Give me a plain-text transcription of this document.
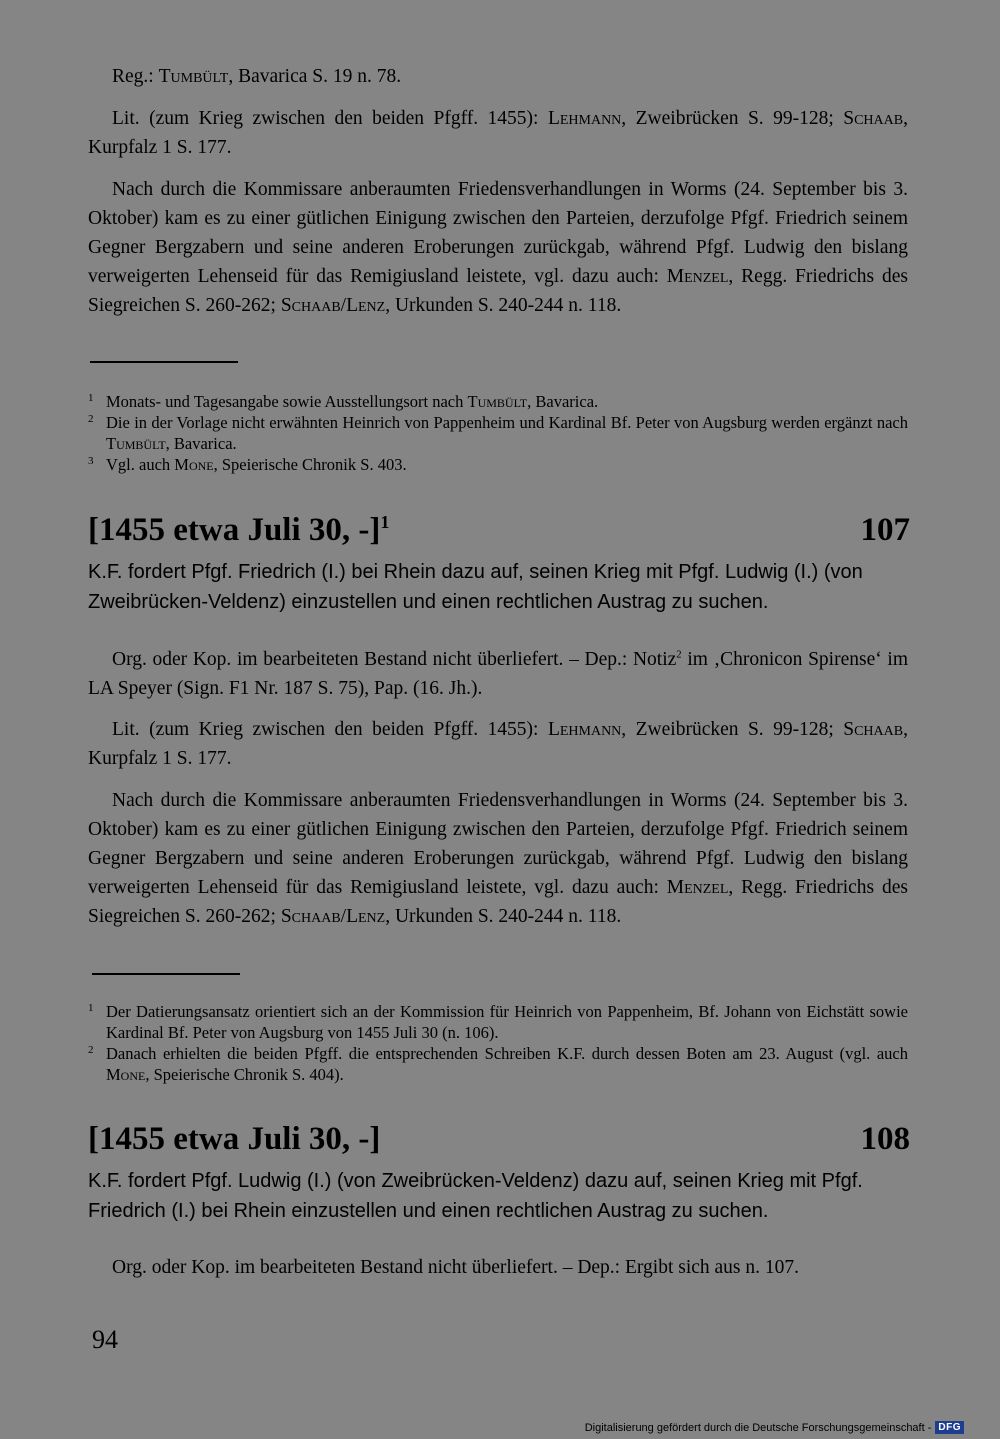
Reg.: Tumbült, Bavarica S. 19 n. 78.

Lit. (zum Krieg zwischen den beiden Pfgff. 1455): Lehmann, Zweibrücken S. 99-128; Schaab, Kurpfalz 1 S. 177.

Nach durch die Kommissare anberaumten Friedensverhandlungen in Worms (24. September bis 3. Oktober) kam es zu einer gütlichen Einigung zwischen den Parteien, derzufolge Pfgf. Friedrich seinem Gegner Bergzabern und seine anderen Eroberungen zurückgab, während Pfgf. Ludwig den bislang verweigerten Lehenseid für das Remigiusland leistete, vgl. dazu auch: Menzel, Regg. Friedrichs des Siegreichen S. 260-262; Schaab/Lenz, Urkunden S. 240-244 n. 118.

1 Monats- und Tagesangabe sowie Ausstellungsort nach Tumbült, Bavarica.
2 Die in der Vorlage nicht erwähnten Heinrich von Pappenheim und Kardinal Bf. Peter von Augsburg werden ergänzt nach Tumbült, Bavarica.
3 Vgl. auch Mone, Speierische Chronik S. 403.
[1455 etwa Juli 30, -]$^1$	107
K.F. fordert Pfgf. Friedrich (I.) bei Rhein dazu auf, seinen Krieg mit Pfgf. Ludwig (I.) (von Zweibrücken-Veldenz) einzustellen und einen rechtlichen Austrag zu suchen.

Org. oder Kop. im bearbeiteten Bestand nicht überliefert. – Dep.: Notiz$^2$ im ‚Chronicon Spirense‘ im LA Speyer (Sign. F1 Nr. 187 S. 75), Pap. (16. Jh.).

Lit. (zum Krieg zwischen den beiden Pfgff. 1455): Lehmann, Zweibrücken S. 99-128; Schaab, Kurpfalz 1 S. 177.

Nach durch die Kommissare anberaumten Friedensverhandlungen in Worms (24. September bis 3. Oktober) kam es zu einer gütlichen Einigung zwischen den Parteien, derzufolge Pfgf. Friedrich seinem Gegner Bergzabern und seine anderen Eroberungen zurückgab, während Pfgf. Ludwig den bislang verweigerten Lehenseid für das Remigiusland leistete, vgl. dazu auch: Menzel, Regg. Friedrichs des Siegreichen S. 260-262; Schaab/Lenz, Urkunden S. 240-244 n. 118.

1 Der Datierungsansatz orientiert sich an der Kommission für Heinrich von Pappenheim, Bf. Johann von Eichstätt sowie Kardinal Bf. Peter von Augsburg von 1455 Juli 30 (n. 106).
2 Danach erhielten die beiden Pfgff. die entsprechenden Schreiben K.F. durch dessen Boten am 23. August (vgl. auch Mone, Speierische Chronik S. 404).
[1455 etwa Juli 30, -]	108
K.F. fordert Pfgf. Ludwig (I.) (von Zweibrücken-Veldenz) dazu auf, seinen Krieg mit Pfgf. Friedrich (I.) bei Rhein einzustellen und einen rechtlichen Austrag zu suchen.

Org. oder Kop. im bearbeiteten Bestand nicht überliefert. – Dep.: Ergibt sich aus n. 107.

94
Digitalisierung gefördert durch die Deutsche Forschungsgemeinschaft - DFG
